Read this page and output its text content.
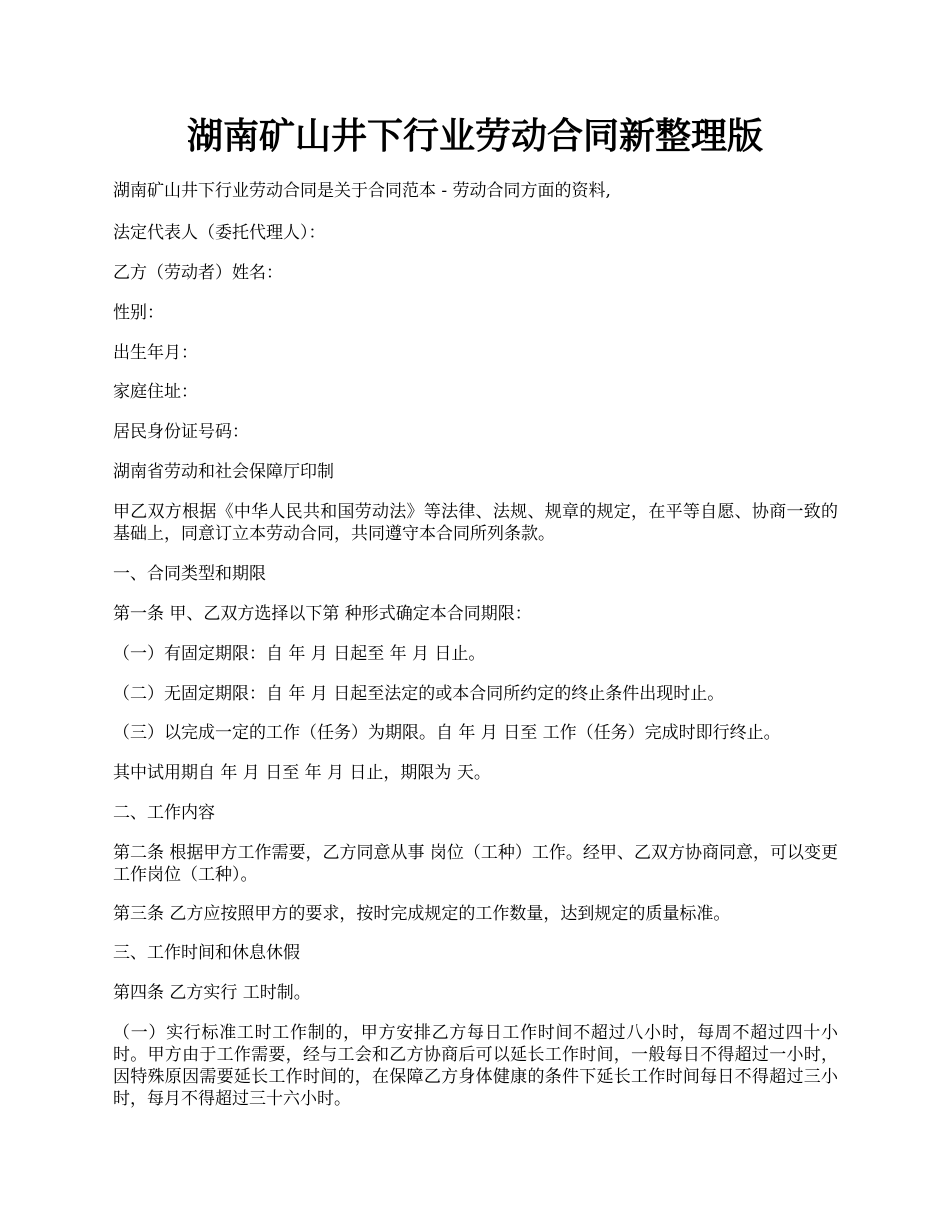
湖南矿山井下行业劳动合同新整理版
湖南矿山井下行业劳动合同是关于合同范本 - 劳动合同方面的资料,
法定代表人（委托代理人）：
乙方（劳动者）姓名：
性别：
出生年月：
家庭住址：
居民身份证号码：
湖南省劳动和社会保障厅印制
甲乙双方根据《中华人民共和国劳动法》等法律、法规、规章的规定，在平等自愿、协商一致的基础上，同意订立本劳动合同，共同遵守本合同所列条款。
一、合同类型和期限
第一条 甲、乙双方选择以下第 种形式确定本合同期限：
（一）有固定期限：自 年 月 日起至 年 月 日止。
（二）无固定期限：自 年 月 日起至法定的或本合同所约定的终止条件出现时止。
（三）以完成一定的工作（任务）为期限。自 年 月 日至 工作（任务）完成时即行终止。
其中试用期自 年 月 日至 年 月 日止，期限为 天。
二、工作内容
第二条 根据甲方工作需要，乙方同意从事 岗位（工种）工作。经甲、乙双方协商同意，可以变更工作岗位（工种）。
第三条 乙方应按照甲方的要求，按时完成规定的工作数量，达到规定的质量标准。
三、工作时间和休息休假
第四条 乙方实行 工时制。
（一）实行标准工时工作制的，甲方安排乙方每日工作时间不超过八小时，每周不超过四十小时。甲方由于工作需要，经与工会和乙方协商后可以延长工作时间，一般每日不得超过一小时，因特殊原因需要延长工作时间的，在保障乙方身体健康的条件下延长工作时间每日不得超过三小时，每月不得超过三十六小时。
